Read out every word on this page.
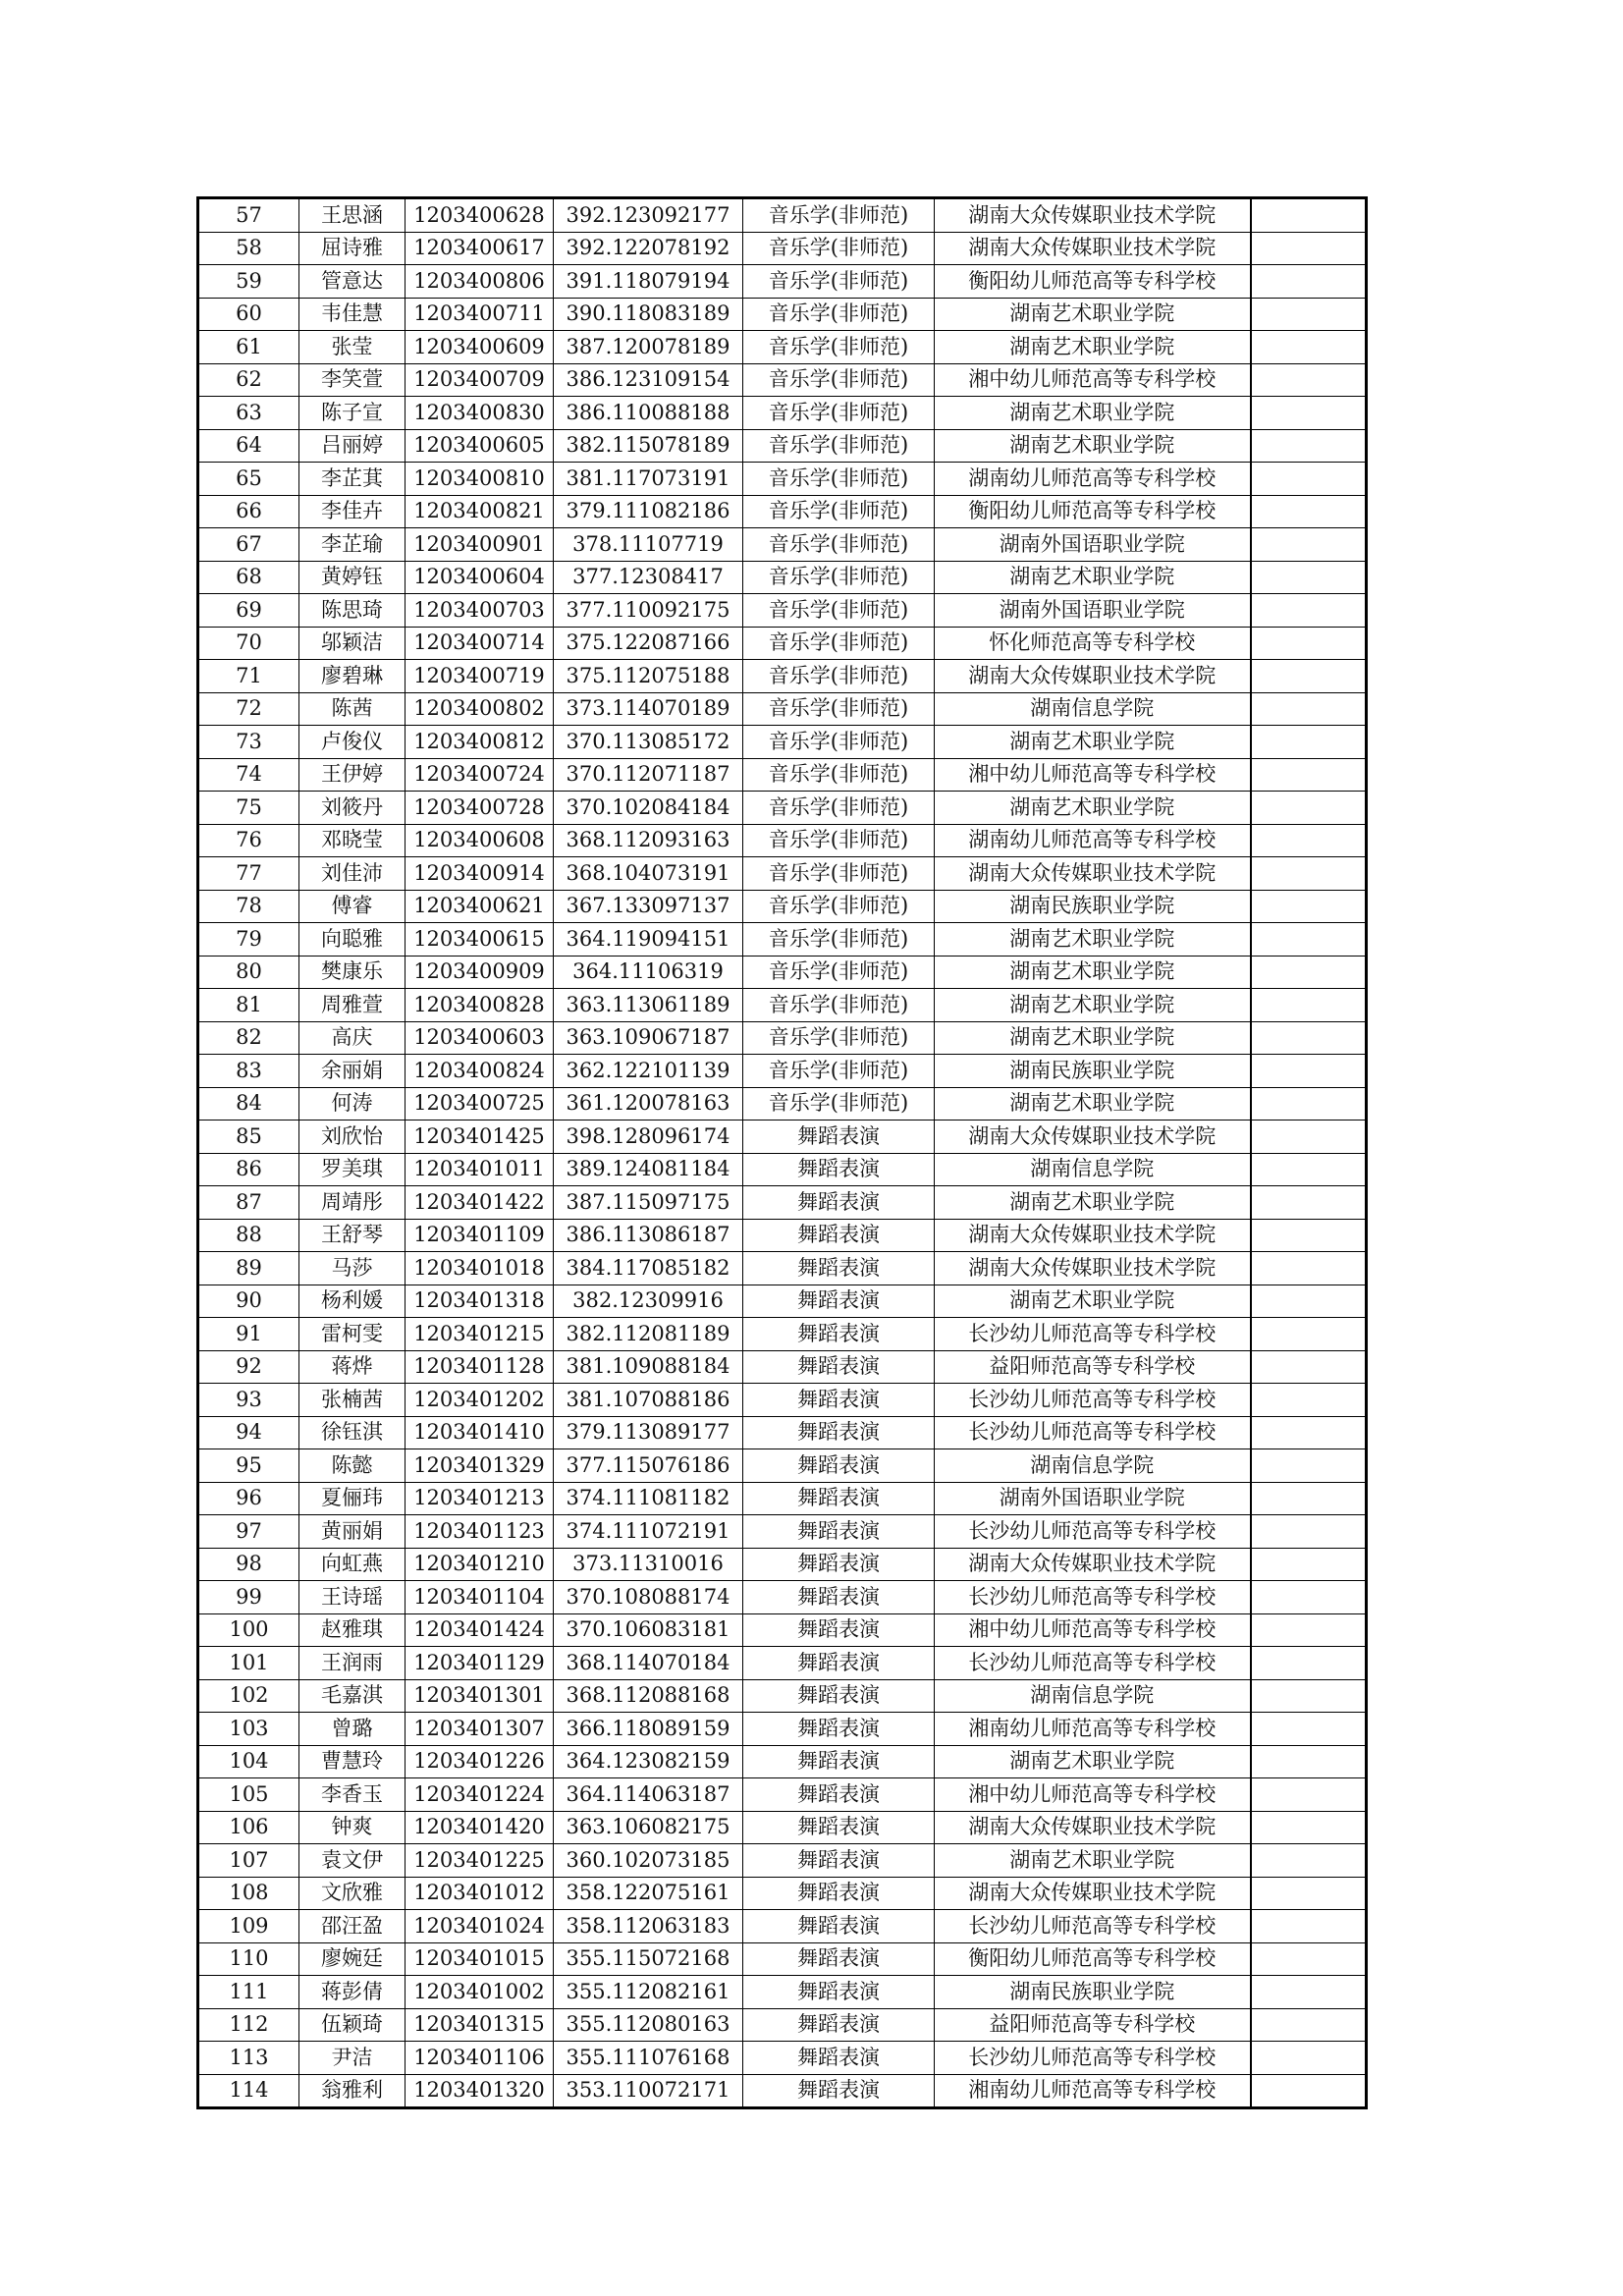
57	王思涵	1203400628	392.123092177	音乐学(非师范)	湖南大众传媒职业技术学院	
58	屈诗雅	1203400617	392.122078192	音乐学(非师范)	湖南大众传媒职业技术学院	
59	管意达	1203400806	391.118079194	音乐学(非师范)	衡阳幼儿师范高等专科学校	
60	韦佳慧	1203400711	390.118083189	音乐学(非师范)	湖南艺术职业学院	
61	张莹	1203400609	387.120078189	音乐学(非师范)	湖南艺术职业学院	
62	李笑萱	1203400709	386.123109154	音乐学(非师范)	湘中幼儿师范高等专科学校	
63	陈子宣	1203400830	386.110088188	音乐学(非师范)	湖南艺术职业学院	
64	吕丽婷	1203400605	382.115078189	音乐学(非师范)	湖南艺术职业学院	
65	李芷萁	1203400810	381.117073191	音乐学(非师范)	湖南幼儿师范高等专科学校	
66	李佳卉	1203400821	379.111082186	音乐学(非师范)	衡阳幼儿师范高等专科学校	
67	李芷瑜	1203400901	378.11107719	音乐学(非师范)	湖南外国语职业学院	
68	黄婷钰	1203400604	377.12308417	音乐学(非师范)	湖南艺术职业学院	
69	陈思琦	1203400703	377.110092175	音乐学(非师范)	湖南外国语职业学院	
70	邬颖洁	1203400714	375.122087166	音乐学(非师范)	怀化师范高等专科学校	
71	廖碧琳	1203400719	375.112075188	音乐学(非师范)	湖南大众传媒职业技术学院	
72	陈茜	1203400802	373.114070189	音乐学(非师范)	湖南信息学院	
73	卢俊仪	1203400812	370.113085172	音乐学(非师范)	湖南艺术职业学院	
74	王伊婷	1203400724	370.112071187	音乐学(非师范)	湘中幼儿师范高等专科学校	
75	刘筱丹	1203400728	370.102084184	音乐学(非师范)	湖南艺术职业学院	
76	邓晓莹	1203400608	368.112093163	音乐学(非师范)	湖南幼儿师范高等专科学校	
77	刘佳沛	1203400914	368.104073191	音乐学(非师范)	湖南大众传媒职业技术学院	
78	傅睿	1203400621	367.133097137	音乐学(非师范)	湖南民族职业学院	
79	向聪雅	1203400615	364.119094151	音乐学(非师范)	湖南艺术职业学院	
80	樊康乐	1203400909	364.11106319	音乐学(非师范)	湖南艺术职业学院	
81	周雅萱	1203400828	363.113061189	音乐学(非师范)	湖南艺术职业学院	
82	高庆	1203400603	363.109067187	音乐学(非师范)	湖南艺术职业学院	
83	余丽娟	1203400824	362.122101139	音乐学(非师范)	湖南民族职业学院	
84	何涛	1203400725	361.120078163	音乐学(非师范)	湖南艺术职业学院	
85	刘欣怡	1203401425	398.128096174	舞蹈表演	湖南大众传媒职业技术学院	
86	罗美琪	1203401011	389.124081184	舞蹈表演	湖南信息学院	
87	周靖彤	1203401422	387.115097175	舞蹈表演	湖南艺术职业学院	
88	王舒琴	1203401109	386.113086187	舞蹈表演	湖南大众传媒职业技术学院	
89	马莎	1203401018	384.117085182	舞蹈表演	湖南大众传媒职业技术学院	
90	杨利媛	1203401318	382.12309916	舞蹈表演	湖南艺术职业学院	
91	雷柯雯	1203401215	382.112081189	舞蹈表演	长沙幼儿师范高等专科学校	
92	蒋烨	1203401128	381.109088184	舞蹈表演	益阳师范高等专科学校	
93	张楠茜	1203401202	381.107088186	舞蹈表演	长沙幼儿师范高等专科学校	
94	徐钰淇	1203401410	379.113089177	舞蹈表演	长沙幼儿师范高等专科学校	
95	陈懿	1203401329	377.115076186	舞蹈表演	湖南信息学院	
96	夏俪玮	1203401213	374.111081182	舞蹈表演	湖南外国语职业学院	
97	黄丽娟	1203401123	374.111072191	舞蹈表演	长沙幼儿师范高等专科学校	
98	向虹燕	1203401210	373.11310016	舞蹈表演	湖南大众传媒职业技术学院	
99	王诗瑶	1203401104	370.108088174	舞蹈表演	长沙幼儿师范高等专科学校	
100	赵雅琪	1203401424	370.106083181	舞蹈表演	湘中幼儿师范高等专科学校	
101	王润雨	1203401129	368.114070184	舞蹈表演	长沙幼儿师范高等专科学校	
102	毛嘉淇	1203401301	368.112088168	舞蹈表演	湖南信息学院	
103	曾璐	1203401307	366.118089159	舞蹈表演	湘南幼儿师范高等专科学校	
104	曹慧玲	1203401226	364.123082159	舞蹈表演	湖南艺术职业学院	
105	李香玉	1203401224	364.114063187	舞蹈表演	湘中幼儿师范高等专科学校	
106	钟爽	1203401420	363.106082175	舞蹈表演	湖南大众传媒职业技术学院	
107	袁文伊	1203401225	360.102073185	舞蹈表演	湖南艺术职业学院	
108	文欣雅	1203401012	358.122075161	舞蹈表演	湖南大众传媒职业技术学院	
109	邵汪盈	1203401024	358.112063183	舞蹈表演	长沙幼儿师范高等专科学校	
110	廖婉廷	1203401015	355.115072168	舞蹈表演	衡阳幼儿师范高等专科学校	
111	蒋彭倩	1203401002	355.112082161	舞蹈表演	湖南民族职业学院	
112	伍颖琦	1203401315	355.112080163	舞蹈表演	益阳师范高等专科学校	
113	尹洁	1203401106	355.111076168	舞蹈表演	长沙幼儿师范高等专科学校	
114	翁雅利	1203401320	353.110072171	舞蹈表演	湘南幼儿师范高等专科学校	
